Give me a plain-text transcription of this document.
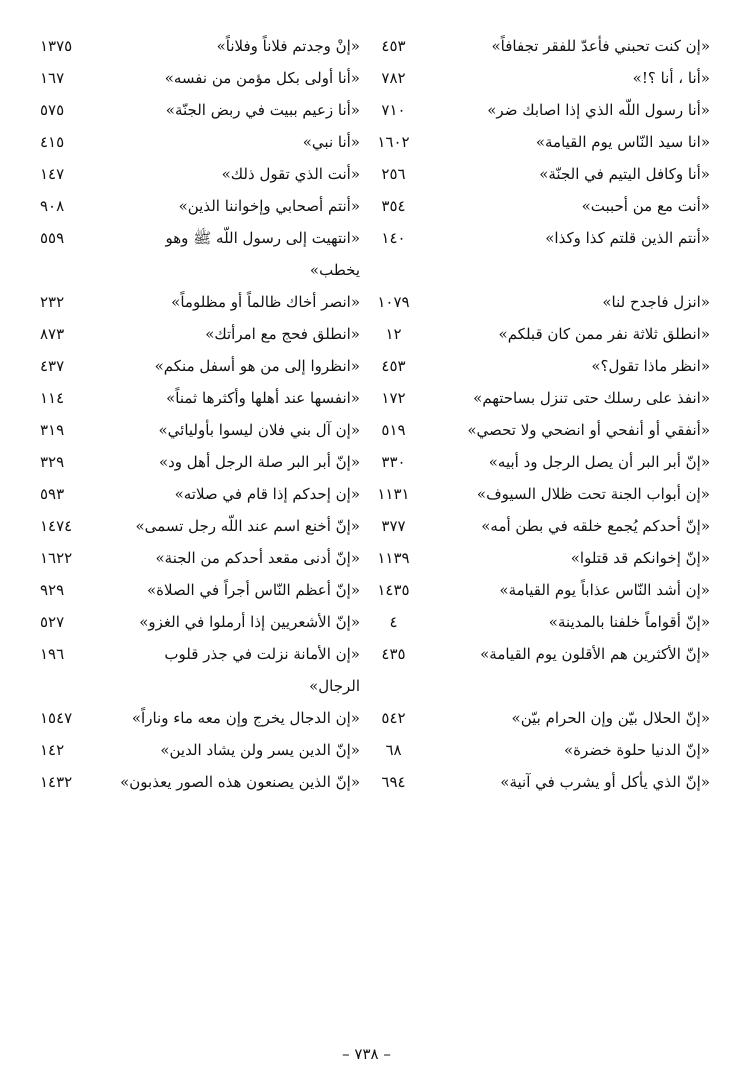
«إن كنت تحبني فأعدّ للفقر تجفافاً»
٤٥٣
«أنا ، أنا ؟!»
٧٨٢
«أنا رسول اللّه الذي إذا اصابك ضر»
٧١٠
«انا سيد النّاس يوم القيامة»
١٦٠٢
«أنا وكافل اليتيم في الجنّة»
٢٥٦
«أنت مع من أحببت»
٣٥٤
«أنتم الذين قلتم كذا وكذا»
١٤٠
«انزل فاجدح لنا»
١٠٧٩
«انطلق ثلاثة نفر ممن كان قبلكم»
١٢
«انظر ماذا تقول؟»
٤٥٣
«انفذ على رسلك حتى تنزل بساحتهم»
١٧٢
«أنفقي أو أنفحي أو انضحي ولا تحصي»
٥١٩
«إنّ أبر البر أن يصل الرجل ود أبيه»
٣٣٠
«إن أبواب الجنة تحت ظلال السيوف»
١١٣١
«إنّ أحدكم يُجمع خلقه في بطن أمه»
٣٧٧
«إنّ إخوانكم قد قتلوا»
١١٣٩
«إن أشد النّاس عذاباً يوم القيامة»
١٤٣٥
«إنّ أقواماً خلفنا بالمدينة»
٤
«إنّ الأكثرين هم الأقلون يوم القيامة»
٤٣٥
«إنّ الحلال بيّن وإن الحرام بيّن»
٥٤٢
«إنّ الدنيا حلوة خضرة»
٦٨
«إنّ الذي يأكل أو يشرب في آنية»
٦٩٤
«إنْ وجدتم فلاناً وفلاناً»
١٣٧٥
«أنا أولى بكل مؤمن من نفسه»
١٦٧
«أنا زعيم ببيت في ربض الجنّة»
٥٧٥
«أنا نبي»
٤١٥
«أنت الذي تقول ذلك»
١٤٧
«أنتم أصحابي وإخواننا الذين»
٩٠٨
«انتهيت إلى رسول اللّه ﷺ وهو يخطب»
٥٥٩
«انصر أخاك ظالماً أو مظلوماً»
٢٣٢
«انطلق فحج مع امرأتك»
٨٧٣
«انظروا إلى من هو أسفل منكم»
٤٣٧
«انفسها عند أهلها وأكثرها ثمناً»
١١٤
«إن آل بني فلان ليسوا بأوليائي»
٣١٩
«إنّ أبر البر صلة الرجل أهل ود»
٣٢٩
«إن إحدكم إذا قام في صلاته»
٥٩٣
«إنّ أخنع اسم عند اللّه رجل تسمى»
١٤٧٤
«إنّ أدنى مقعد أحدكم من الجنة»
١٦٢٢
«إنّ أعظم النّاس أجراً في الصلاة»
٩٢٩
«إنّ الأشعريين إذا أرملوا في الغزو»
٥٢٧
«إن الأمانة نزلت في جذر قلوب الرجال»
١٩٦
«إن الدجال يخرج وإن معه ماء وناراً»
١٥٤٧
«إنّ الدين يسر ولن يشاد الدين»
١٤٢
«إنّ الذين يصنعون هذه الصور يعذبون»
١٤٣٢
– ٧٣٨ –
